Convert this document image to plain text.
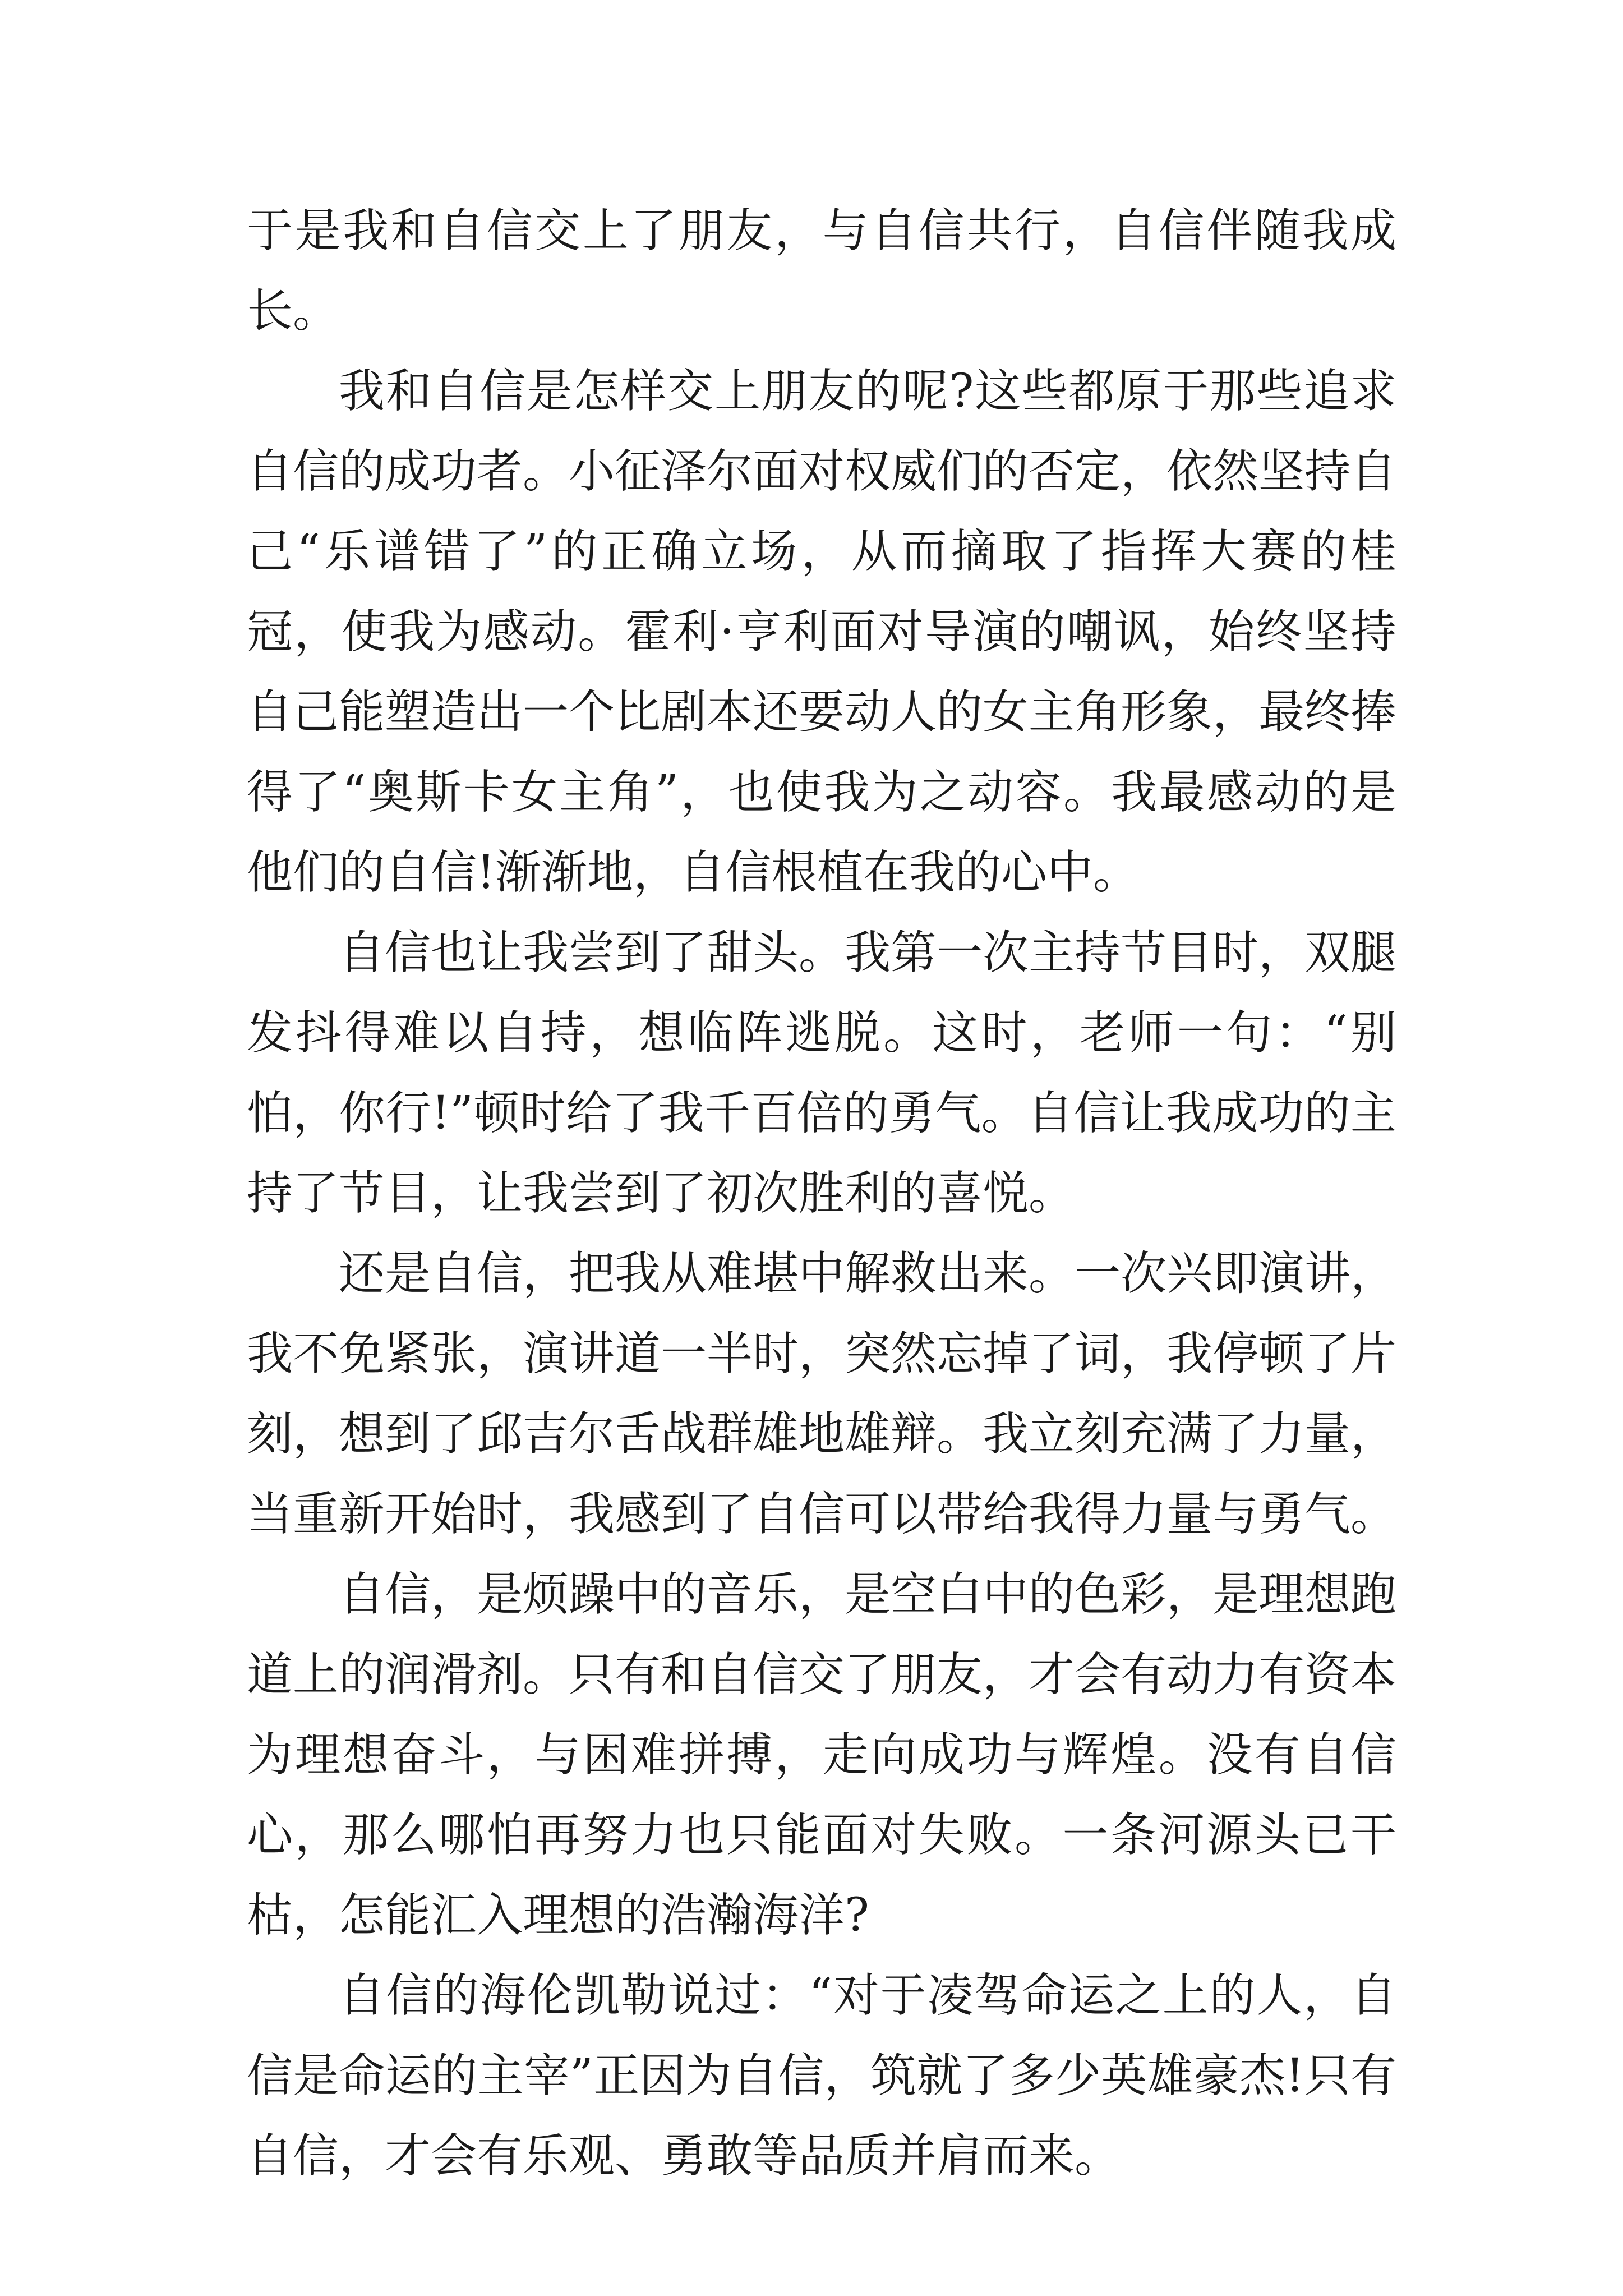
于是我和自信交上了朋友，与自信共行，自信伴随我成长。

我和自信是怎样交上朋友的呢?这些都原于那些追求自信的成功者。小征泽尔面对权威们的否定，依然坚持自己“乐谱错了”的正确立场，从而摘取了指挥大赛的桂冠，使我为感动。霍利·亨利面对导演的嘲讽，始终坚持自己能塑造出一个比剧本还要动人的女主角形象，最终捧得了“奥斯卡女主角”，也使我为之动容。我最感动的是他们的自信!渐渐地，自信根植在我的心中。

自信也让我尝到了甜头。我第一次主持节目时，双腿发抖得难以自持，想临阵逃脱。这时，老师一句：“别怕，你行!”顿时给了我千百倍的勇气。自信让我成功的主持了节目，让我尝到了初次胜利的喜悦。

还是自信，把我从难堪中解救出来。一次兴即演讲，我不免紧张，演讲道一半时，突然忘掉了词，我停顿了片刻，想到了邱吉尔舌战群雄地雄辩。我立刻充满了力量，当重新开始时，我感到了自信可以带给我得力量与勇气。

自信，是烦躁中的音乐，是空白中的色彩，是理想跑道上的润滑剂。只有和自信交了朋友，才会有动力有资本为理想奋斗，与困难拼搏，走向成功与辉煌。没有自信心，那么哪怕再努力也只能面对失败。一条河源头已干枯，怎能汇入理想的浩瀚海洋?

自信的海伦凯勒说过：“对于凌驾命运之上的人，自信是命运的主宰”正因为自信，筑就了多少英雄豪杰!只有自信，才会有乐观、勇敢等品质并肩而来。
